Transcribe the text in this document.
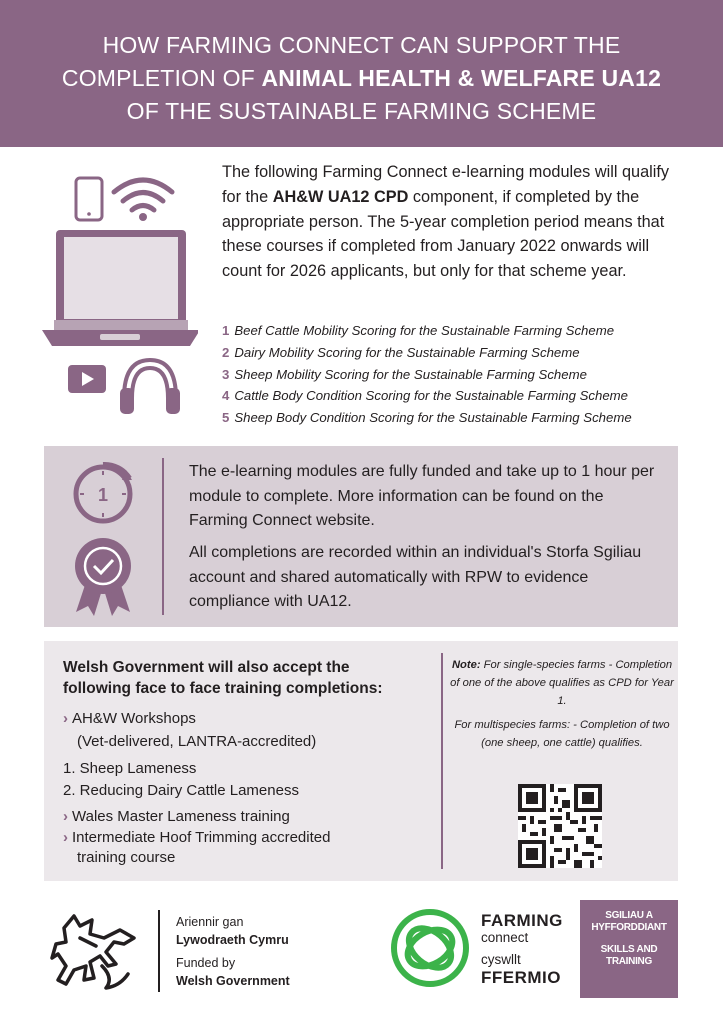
HOW FARMING CONNECT CAN SUPPORT THE
COMPLETION OF ANIMAL HEALTH & WELFARE UA12
OF THE SUSTAINABLE FARMING SCHEME
The following Farming Connect e-learning modules will qualify for the AH&W UA12 CPD component, if completed by the appropriate person. The 5-year completion period means that these courses if completed from January 2022 onwards will count for 2026 applicants, but only for that scheme year.
1 Beef Cattle Mobility Scoring for the Sustainable Farming Scheme
2 Dairy Mobility Scoring for the Sustainable Farming Scheme
3 Sheep Mobility Scoring for the Sustainable Farming Scheme
4 Cattle Body Condition Scoring for the Sustainable Farming Scheme
5 Sheep Body Condition Scoring for the Sustainable Farming Scheme
1
The e-learning modules are fully funded and take up to 1 hour per module to complete. More information can be found on the Farming Connect website.
All completions are recorded within an individual's Storfa Sgiliau account and shared automatically with RPW to evidence compliance with UA12.
Welsh Government will also accept the
following face to face training completions:
› AH&W Workshops
(Vet-delivered, LANTRA-accredited)
1. Sheep Lameness
2. Reducing Dairy Cattle Lameness
› Wales Master Lameness training
› Intermediate Hoof Trimming accredited
training course
Note: For single-species farms - Completion of one of the above qualifies as CPD for Year 1.
For multispecies farms: - Completion of two (one sheep, one cattle) qualifies.
Ariennir gan
Lywodraeth Cymru
Funded by
Welsh Government
FARMING
connect
cyswllt
FFERMIO
SGILIAU A
HYFFORDDIANT
SKILLS AND
TRAINING
